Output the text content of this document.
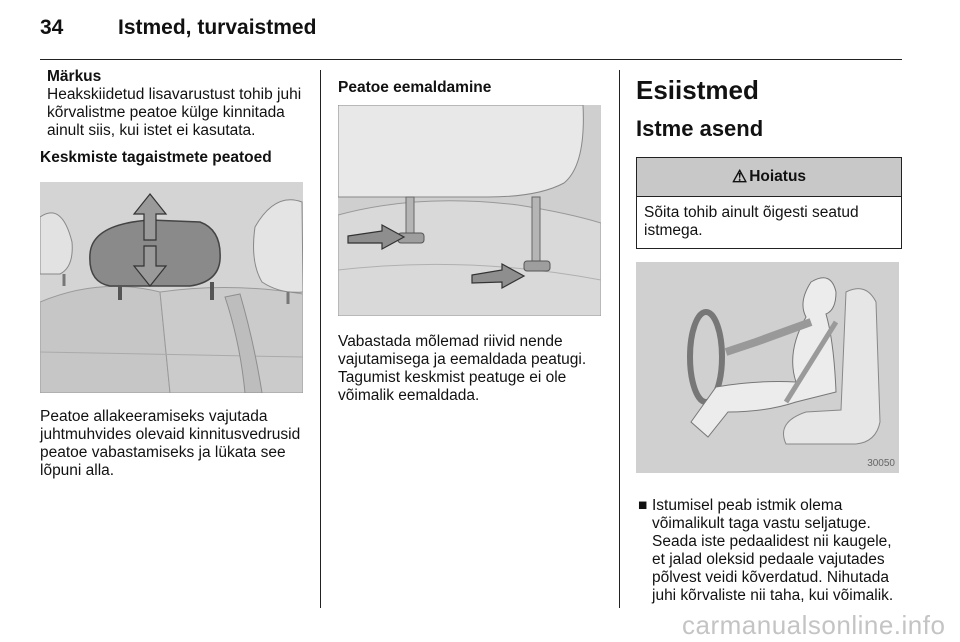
34	Istmed, turvaistmed

Märkus

Heakskiidetud lisavarustust tohib juhi kõrvalistme peatoe külge kinnitada ainult siis, kui istet ei kasutata.

Keskmiste tagaistmete peatoed

Peatoe allakeeramiseks vajutada juhtmuhvides olevaid kinnitusvedrusid peatoe vabastamiseks ja lükata see lõpuni alla.

Peatoe eemaldamine

Vabastada mõlemad riivid nende vajutamisega ja eemaldada peatugi. Tagumist keskmist peatuge ei ole võimalik eemaldada.

Esiistmed

Istme asend

⚠ Hoiatus
Sõita tohib ainult õigesti seatud istmega.
30050
■ Istumisel peab istmik olema võimalikult taga vastu seljatuge. Seada iste pedaalidest nii kaugele, et jalad oleksid pedaale vajutades põlvest veidi kõverdatud. Nihutada juhi kõrvaliste nii taha, kui võimalik.
carmanualsonline.info
